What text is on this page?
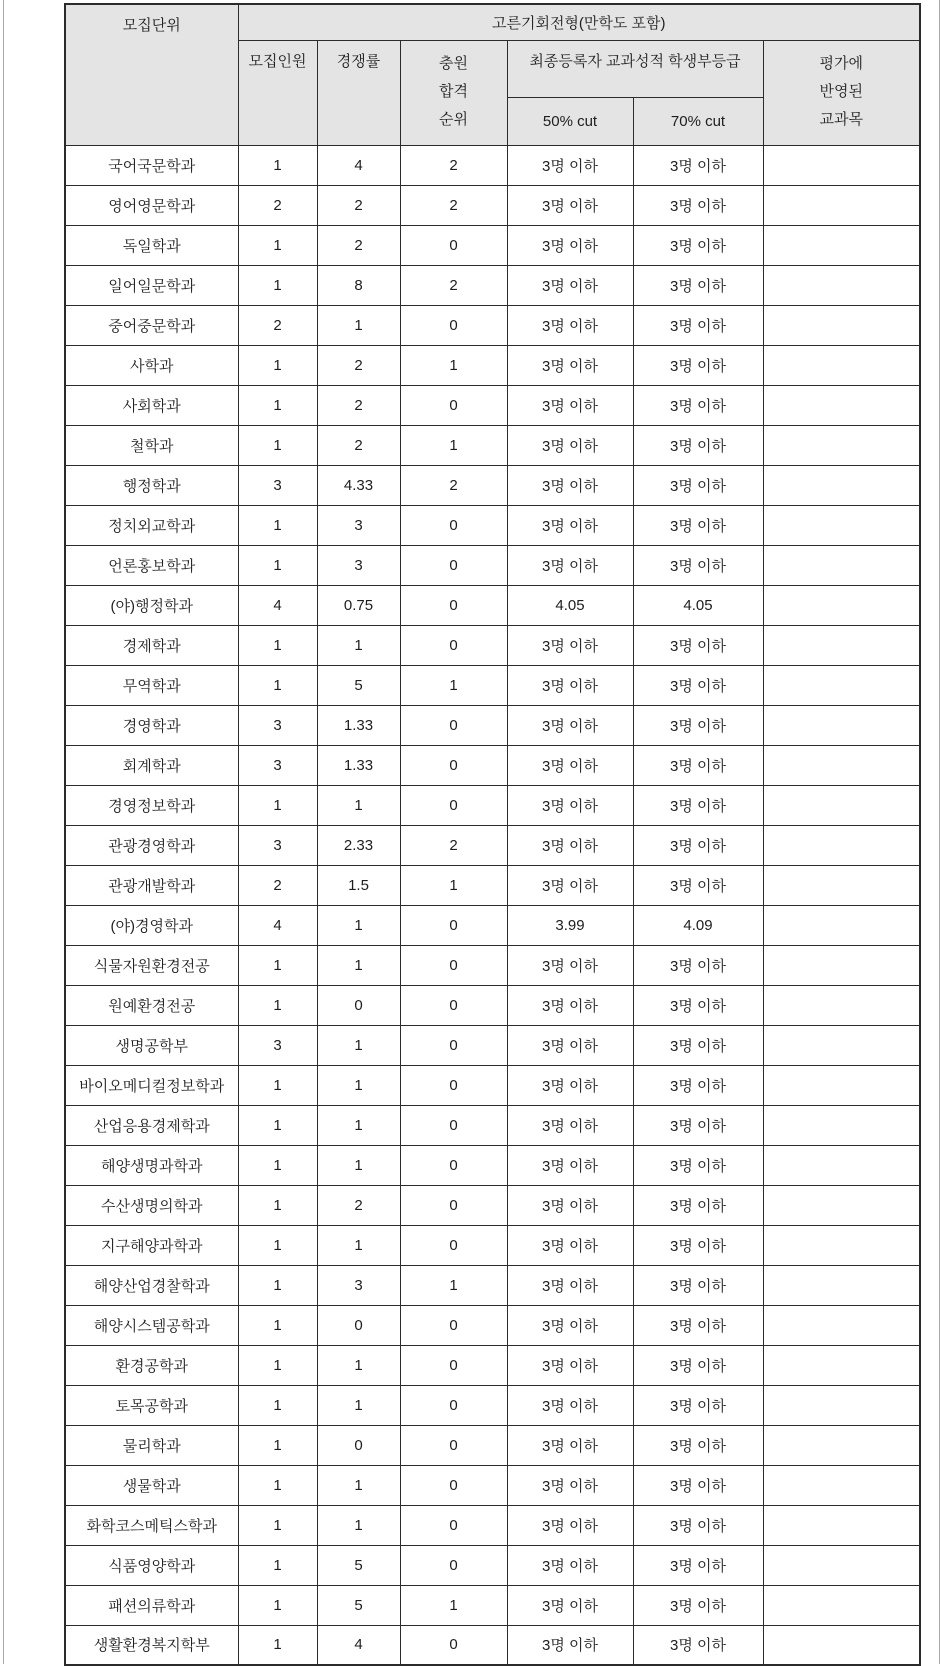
모집단위	고른기회전형(만학도 포함)					
모집인원	경쟁률	충원
합격
순위
	최종등록자 교과성적 학생부등급	평가에
반영된
교과목

				50% cut	70% cut	
국어국문학과	1	4	2	3명 이하	3명 이하	
영어영문학과	2	2	2	3명 이하	3명 이하	
독일학과	1	2	0	3명 이하	3명 이하	
일어일문학과	1	8	2	3명 이하	3명 이하	
중어중문학과	2	1	0	3명 이하	3명 이하	
사학과	1	2	1	3명 이하	3명 이하	
사회학과	1	2	0	3명 이하	3명 이하	
철학과	1	2	1	3명 이하	3명 이하	
행정학과	3	4.33	2	3명 이하	3명 이하	
정치외교학과	1	3	0	3명 이하	3명 이하	
언론홍보학과	1	3	0	3명 이하	3명 이하	
(야)행정학과	4	0.75	0	4.05	4.05	
경제학과	1	1	0	3명 이하	3명 이하	
무역학과	1	5	1	3명 이하	3명 이하	
경영학과	3	1.33	0	3명 이하	3명 이하	
회계학과	3	1.33	0	3명 이하	3명 이하	
경영정보학과	1	1	0	3명 이하	3명 이하	
관광경영학과	3	2.33	2	3명 이하	3명 이하	
관광개발학과	2	1.5	1	3명 이하	3명 이하	
(야)경영학과	4	1	0	3.99	4.09	
식물자원환경전공	1	1	0	3명 이하	3명 이하	
원예환경전공	1	0	0	3명 이하	3명 이하	
생명공학부	3	1	0	3명 이하	3명 이하	
바이오메디컬정보학과	1	1	0	3명 이하	3명 이하	
산업응용경제학과	1	1	0	3명 이하	3명 이하	
해양생명과학과	1	1	0	3명 이하	3명 이하	
수산생명의학과	1	2	0	3명 이하	3명 이하	
지구해양과학과	1	1	0	3명 이하	3명 이하	
해양산업경찰학과	1	3	1	3명 이하	3명 이하	
해양시스템공학과	1	0	0	3명 이하	3명 이하	
환경공학과	1	1	0	3명 이하	3명 이하	
토목공학과	1	1	0	3명 이하	3명 이하	
물리학과	1	0	0	3명 이하	3명 이하	
생물학과	1	1	0	3명 이하	3명 이하	
화학코스메틱스학과	1	1	0	3명 이하	3명 이하	
식품영양학과	1	5	0	3명 이하	3명 이하	
패션의류학과	1	5	1	3명 이하	3명 이하	
생활환경복지학부	1	4	0	3명 이하	3명 이하	
